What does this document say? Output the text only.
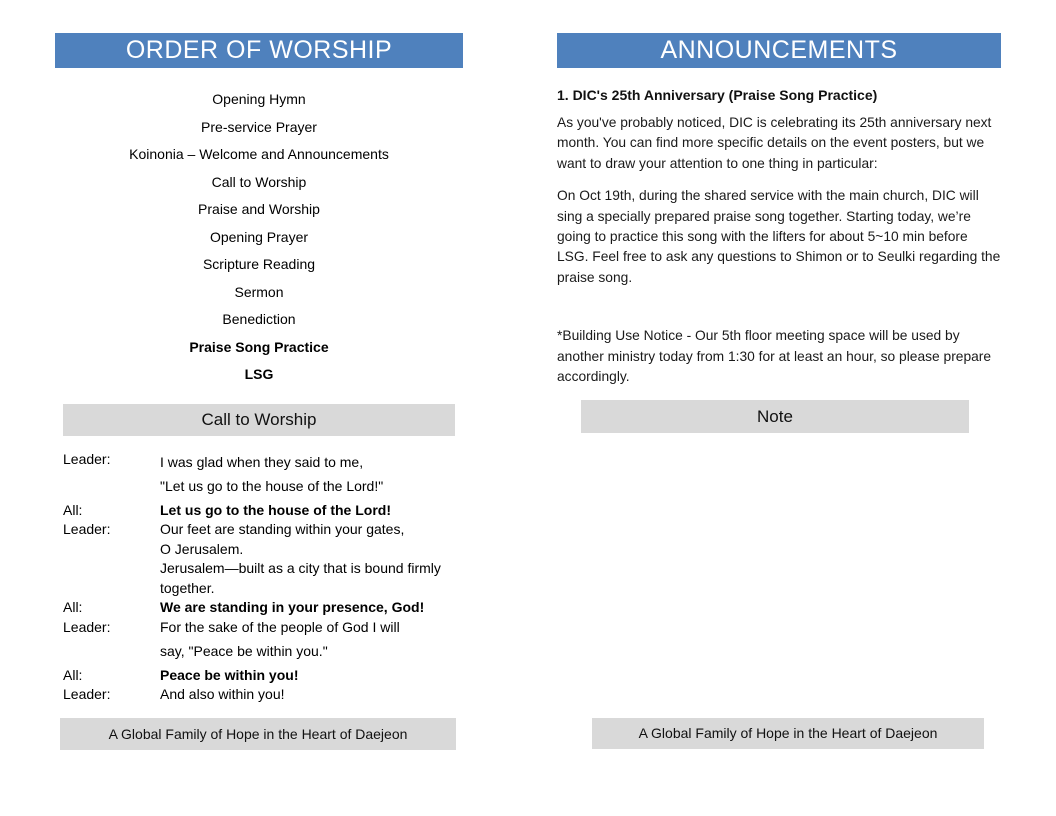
ORDER OF WORSHIP
Opening Hymn
Pre-service Prayer
Koinonia – Welcome and Announcements
Call to Worship
Praise and Worship
Opening Prayer
Scripture Reading
Sermon
Benediction
Praise Song Practice
LSG
Call to Worship
Leader:	I was glad when they said to me,
"Let us go to the house of the Lord!"
All:	Let us go to the house of the Lord!
Leader:	Our feet are standing within your gates,
O Jerusalem.
Jerusalem—built as a city that is bound firmly
together.
All:	We are standing in your presence, God!
Leader:	For the sake of the people of God I will
say, "Peace be within you."
All:	Peace be within you!
Leader:	And also within you!
ANNOUNCEMENTS
1. DIC's 25th Anniversary (Praise Song Practice)
As you've probably noticed, DIC is celebrating its 25th anniversary next month. You can find more specific details on the event posters, but we want to draw your attention to one thing in particular:
On Oct 19th, during the shared service with the main church, DIC will sing a specially prepared praise song together. Starting today, we’re going to practice this song with the lifters for about 5~10 min before LSG. Feel free to ask any questions to Shimon or to Seulki regarding the praise song.
*Building Use Notice - Our 5th floor meeting space will be used by another ministry today from 1:30 for at least an hour, so please prepare accordingly.
Note
A Global Family of Hope in the Heart of Daejeon	A Global Family of Hope in the Heart of Daejeon
